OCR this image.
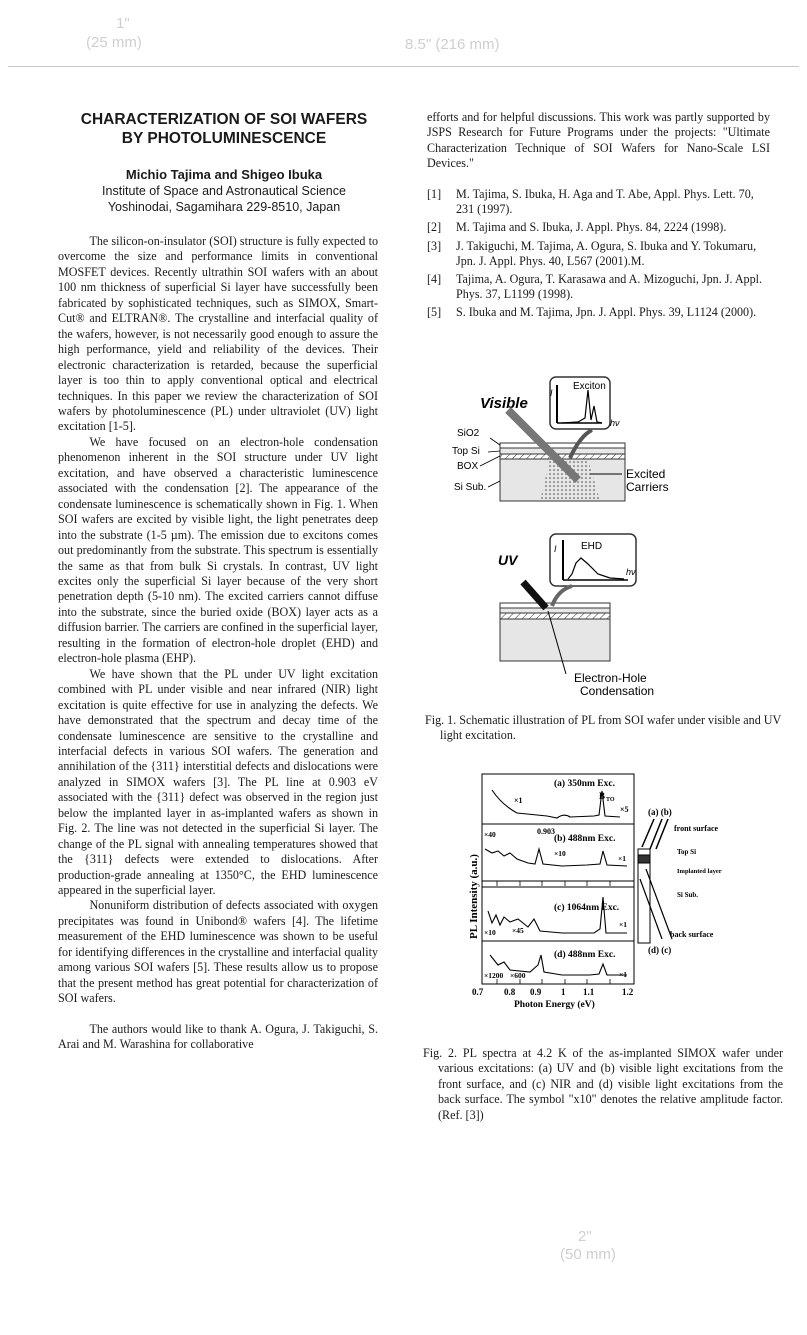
1"
(25 mm)	8.5" (216 mm)
2"
(50 mm)
CHARACTERIZATION OF SOI WAFERS
BY PHOTOLUMINESCENCE
Michio Tajima and Shigeo Ibuka
Institute of Space and Astronautical Science
Yoshinodai, Sagamihara 229-8510, Japan

The silicon-on-insulator (SOI) structure is fully expected to overcome the size and performance limits in conventional MOSFET devices. Recently ultrathin SOI wafers with an about 100 nm thickness of superficial Si layer have successfully been fabricated by sophisticated techniques, such as SIMOX, Smart-Cut® and ELTRAN®. The crystalline and interfacial quality of the wafers, however, is not necessarily good enough to assure the high performance, yield and reliability of the devices. Their electronic characterization is retarded, because the superficial layer is too thin to apply conventional optical and electrical techniques. In this paper we review the characterization of SOI wafers by photoluminescence (PL) under ultraviolet (UV) light excitation [1-5].

We have focused on an electron-hole condensation phenomenon inherent in the SOI structure under UV light excitation, and have observed a characteristic luminescence associated with the condensation [2]. The appearance of the condensate luminescence is schematically shown in Fig. 1. When SOI wafers are excited by visible light, the light penetrates deep into the substrate (1-5 µm). The emission due to excitons comes out predominantly from the substrate. This spectrum is essentially the same as that from bulk Si crystals. In contrast, UV light excites only the superficial Si layer because of the very short penetration depth (5-10 nm). The excited carriers cannot diffuse into the substrate, since the buried oxide (BOX) layer acts as a diffusion barrier. The carriers are confined in the superficial layer, resulting in the formation of electron-hole droplet (EHD) and electron-hole plasma (EHP).

We have shown that the PL under UV light excitation combined with PL under visible and near infrared (NIR) light excitation is quite effective for use in analyzing the defects. We have demonstrated that the spectrum and decay time of the condensate luminescence are sensitive to the crystalline and interfacial defects in various SOI wafers. The generation and annihilation of the {311} interstitial defects and dislocations were analyzed in SIMOX wafers [3]. The PL line at 0.903 eV associated with the {311} defect was observed in the region just below the implanted layer in as-implanted wafers as shown in Fig. 2. The line was not detected in the superficial Si layer. The change of the PL signal with annealing temperatures showed that the {311} defects were extended to dislocations. After production-grade annealing at 1350°C, the EHD luminescence appeared in the superficial layer.

Nonuniform distribution of defects associated with oxygen precipitates was found in Unibond® wafers [4]. The lifetime measurement of the EHD luminescence was shown to be useful for identifying differences in the crystalline and interfacial quality among various SOI wafers [5]. These results allow us to propose that the present method has great potential for characterization of SOI wafers.

The authors would like to thank A. Ogura, J. Takiguchi, S. Arai and M. Warashina for collaborative

efforts and for helpful discussions. This work was partly supported by JSPS Research for Future Programs under the projects: "Ultimate Characterization Technique of SOI Wafers for Nano-Scale LSI Devices."
[1]	M. Tajima, S. Ibuka, H. Aga and T. Abe, Appl. Phys. Lett. 70, 231 (1997).
[2]	M. Tajima and S. Ibuka, J. Appl. Phys. 84, 2224 (1998).
[3]	J. Takiguchi, M. Tajima, A. Ogura, S. Ibuka and Y. Tokumaru, Jpn. J. Appl. Phys. 40, L567 (2001).M.
[4]	Tajima, A. Ogura, T. Karasawa and A. Mizoguchi, Jpn. J. Appl. Phys. 37, L1199 (1998).
[5]	S. Ibuka and M. Tajima, Jpn. J. Appl. Phys. 39, L1124 (2000).
Visible
Exciton
I
hν
SiO2
Top Si
BOX
Si Sub.
Excited
Carriers
UV
EHD
I
hν
Electron-Hole
Condensation
Fig. 1. Schematic illustration of PL from SOI wafer under visible and UV light excitation.
PL Intensity (a.u.)
(a) 350nm Exc.
B TO
×1
×5
×40	0.903
(b) 488nm Exc.
×10
×1
(c) 1064nm Exc.
×10 ×45
×1
(d) 488nm Exc.
×1200 ×600	×1
0.7 0.8 0.9 1 1.1	1.2
Photon Energy (eV)
(a) (b)
front surface
Top Si
Implanted layer
Si Sub.
back surface
(d) (c)
Fig. 2. PL spectra at 4.2 K of the as-implanted SIMOX wafer under various excitations: (a) UV and (b) visible light excitations from the front surface, and (c) NIR and (d) visible light excitations from the back surface. The symbol "x10" denotes the relative amplitude factor. (Ref. [3])
